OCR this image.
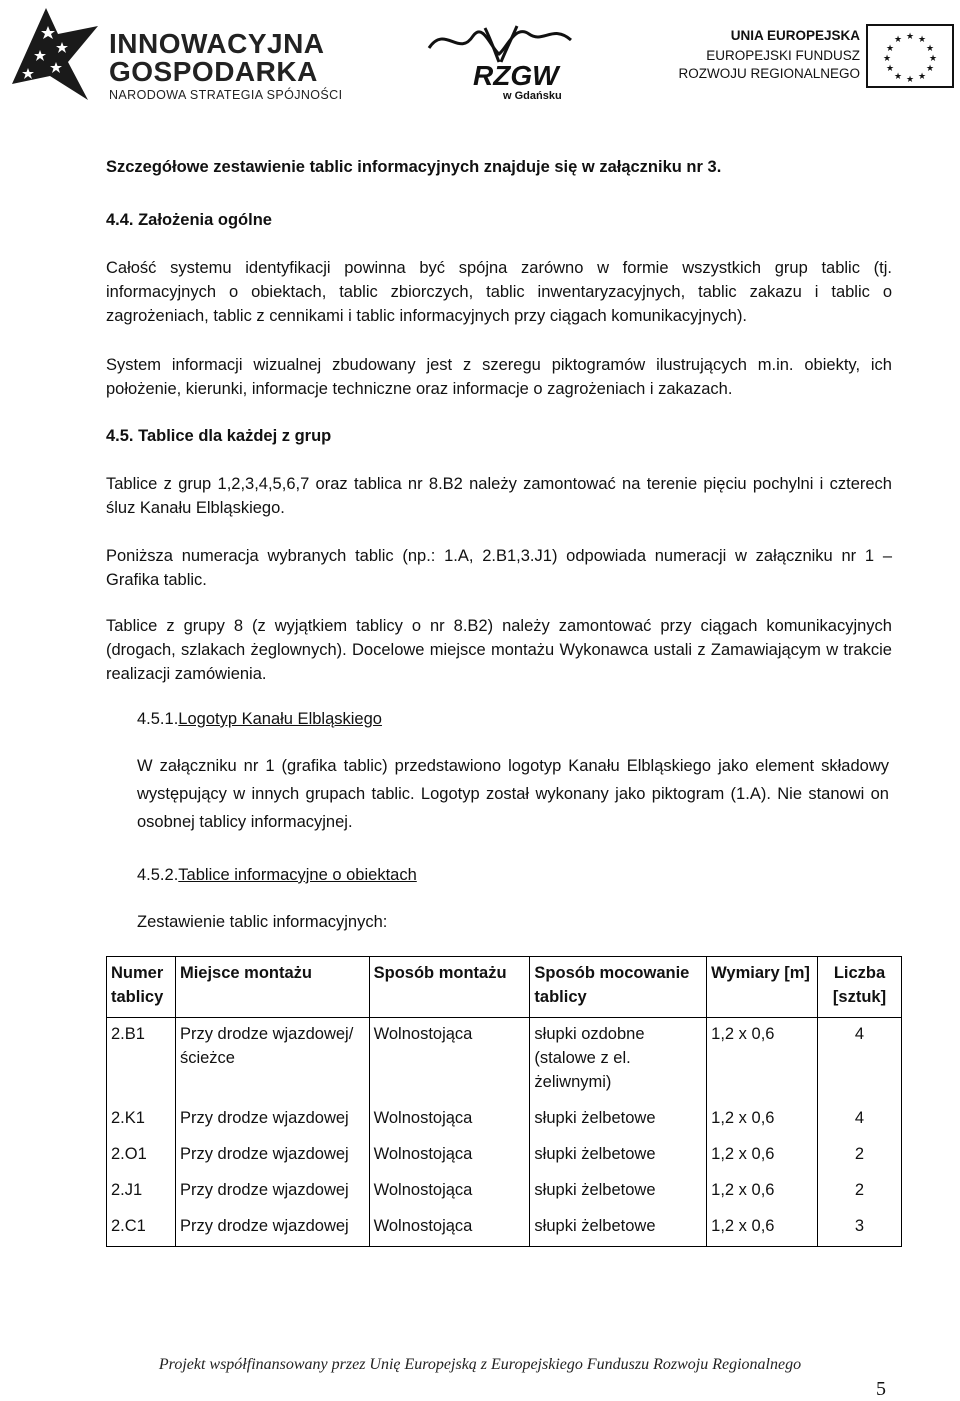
INNOWACYJNA
GOSPODARKA
NARODOWA STRATEGIA SPÓJNOŚCI
RZGW
w Gdańsku
UNIA EUROPEJSKA
EUROPEJSKI FUNDUSZ
ROZWOJU REGIONALNEGO
★ ★
★
★
★
★
★
★
★
★
★
★
Szczegółowe zestawienie tablic informacyjnych znajduje się w załączniku nr 3.
4.4. Założenia ogólne
Całość systemu identyfikacji powinna być spójna zarówno w formie wszystkich grup tablic (tj. informacyjnych o obiektach, tablic zbiorczych, tablic inwentaryzacyjnych, tablic zakazu i tablic o zagrożeniach, tablic z cennikami i tablic informacyjnych przy ciągach komunikacyjnych).
System informacji wizualnej zbudowany jest z szeregu piktogramów ilustrujących m.in. obiekty, ich położenie, kierunki, informacje techniczne oraz informacje o zagrożeniach i zakazach.
4.5. Tablice dla każdej z grup
Tablice z grup 1,2,3,4,5,6,7 oraz tablica nr 8.B2 należy zamontować na terenie pięciu pochylni i czterech śluz Kanału Elbląskiego.
Poniższa numeracja wybranych tablic (np.: 1.A, 2.B1,3.J1) odpowiada numeracji w załączniku nr 1 – Grafika tablic.
Tablice z grupy 8 (z wyjątkiem tablicy o nr 8.B2) należy zamontować przy ciągach komunikacyjnych (drogach, szlakach żeglownych). Docelowe miejsce montażu Wykonawca ustali z Zamawiającym w trakcie realizacji zamówienia.
4.5.1.Logotyp Kanału Elbląskiego
W załączniku nr 1 (grafika tablic) przedstawiono logotyp Kanału Elbląskiego jako element składowy występujący w innych grupach tablic. Logotyp został wykonany jako piktogram (1.A). Nie stanowi on osobnej tablicy informacyjnej.
4.5.2.Tablice informacyjne o obiektach
Zestawienie tablic informacyjnych:
Numer tablicy	Miejsce montażu	Sposób montażu	Sposób mocowanie tablicy	Wymiary [m]	Liczba [sztuk]
2.B1	Przy drodze wjazdowej/ ścieżce	Wolnostojąca	słupki ozdobne (stalowe z el. żeliwnymi)	1,2 x 0,6	4
2.K1	Przy drodze wjazdowej	Wolnostojąca	słupki żelbetowe	1,2 x 0,6	4
2.O1	Przy drodze wjazdowej	Wolnostojąca	słupki żelbetowe	1,2 x 0,6	2
2.J1	Przy drodze wjazdowej	Wolnostojąca	słupki żelbetowe	1,2 x 0,6	2
2.C1	Przy drodze wjazdowej	Wolnostojąca	słupki żelbetowe	1,2 x 0,6	3
Projekt współfinansowany przez Unię Europejską z Europejskiego Funduszu Rozwoju Regionalnego
5
